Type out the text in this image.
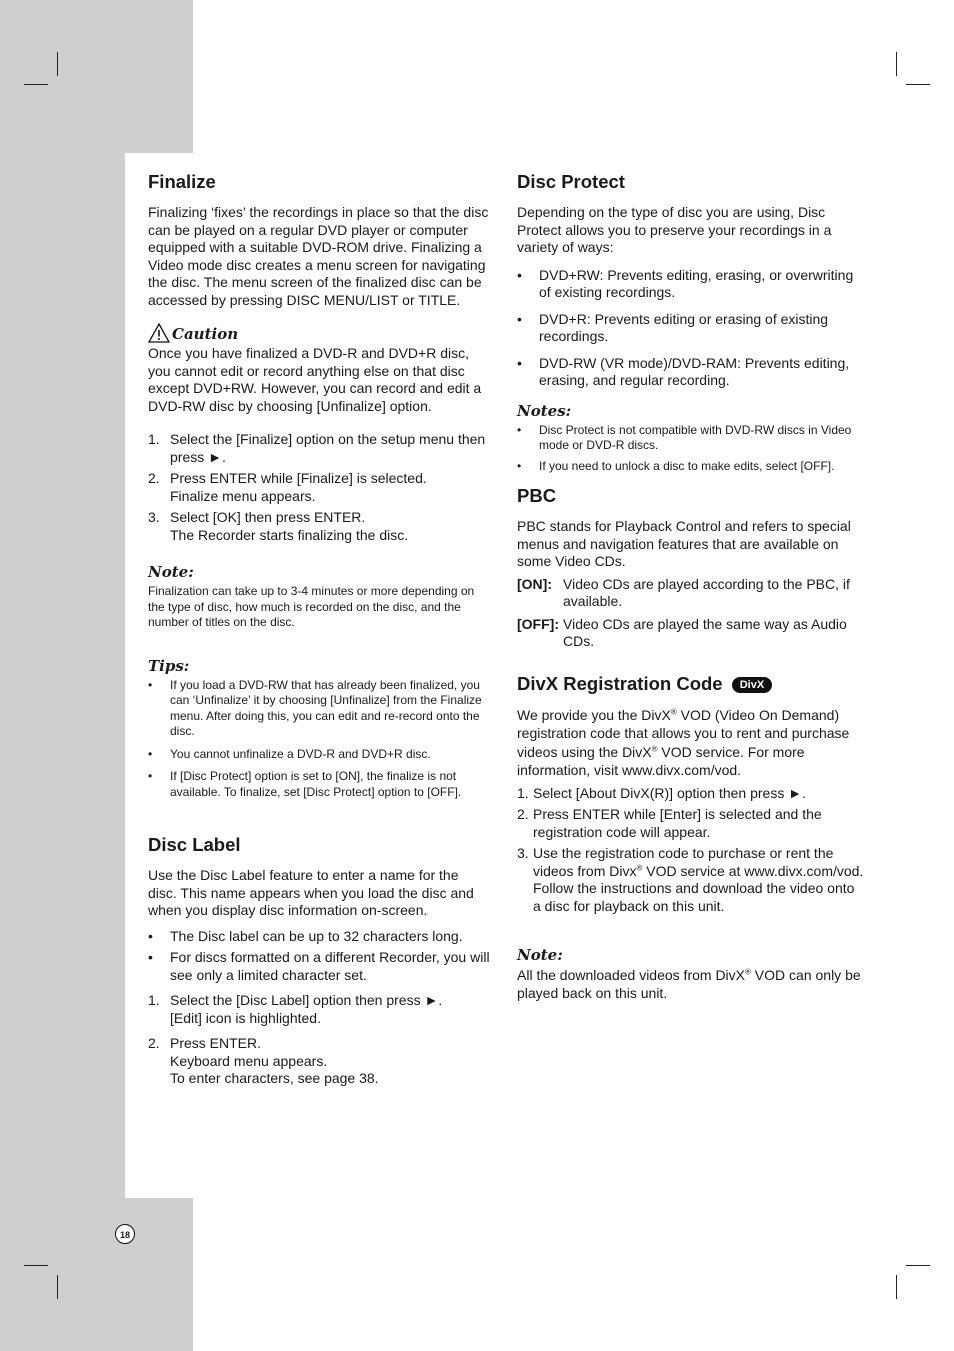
Finalize

Finalizing ‘fixes’ the recordings in place so that the disc can be played on a regular DVD player or computer equipped with a suitable DVD-ROM drive. Finalizing a Video mode disc creates a menu screen for navigating the disc. The menu screen of the finalized disc can be accessed by pressing DISC MENU/LIST or TITLE.

Caution

Once you have finalized a DVD-R and DVD+R disc, you cannot edit or record anything else on that disc except DVD+RW. However, you can record and edit a DVD-RW disc by choosing [Unfinalize] option.

1. Select the [Finalize] option on the setup menu then press ►.
2. Press ENTER while [Finalize] is selected.
Finalize menu appears.
3. Select [OK] then press ENTER.
The Recorder starts finalizing the disc.
Note:

Finalization can take up to 3-4 minutes or more depending on the type of disc, how much is recorded on the disc, and the number of titles on the disc.

Tips:
• If you load a DVD-RW that has already been finalized, you can ‘Unfinalize’ it by choosing [Unfinalize] from the Finalize menu. After doing this, you can edit and re-record onto the disc.
• You cannot unfinalize a DVD-R and DVD+R disc.
• If [Disc Protect] option is set to [ON], the finalize is not available. To finalize, set [Disc Protect] option to [OFF].
Disc Label

Use the Disc Label feature to enter a name for the disc. This name appears when you load the disc and when you display disc information on-screen.

• The Disc label can be up to 32 characters long.
• For discs formatted on a different Recorder, you will see only a limited character set.
1. Select the [Disc Label] option then press ►.
[Edit] icon is highlighted.
2. Press ENTER.
Keyboard menu appears.
To enter characters, see page 38.
Disc Protect

Depending on the type of disc you are using, Disc Protect allows you to preserve your recordings in a variety of ways:

• DVD+RW: Prevents editing, erasing, or overwriting of existing recordings.
• DVD+R: Prevents editing or erasing of existing recordings.
• DVD-RW (VR mode)/DVD-RAM: Prevents editing, erasing, and regular recording.
Notes:
• Disc Protect is not compatible with DVD-RW discs in Video mode or DVD-R discs.
• If you need to unlock a disc to make edits, select [OFF].
PBC

PBC stands for Playback Control and refers to special menus and navigation features that are available on some Video CDs.

[ON]: Video CDs are played according to the PBC, if available.
[OFF]: Video CDs are played the same way as Audio CDs.
DivX Registration Code DivX

We provide you the DivX® VOD (Video On Demand) registration code that allows you to rent and purchase videos using the DivX® VOD service. For more information, visit www.divx.com/vod.

1. Select [About DivX(R)] option then press ►.
2. Press ENTER while [Enter] is selected and the registration code will appear.
3. Use the registration code to purchase or rent the videos from Divx® VOD service at www.divx.com/vod. Follow the instructions and download the video onto a disc for playback on this unit.
Note:

All the downloaded videos from DivX® VOD can only be played back on this unit.

18
